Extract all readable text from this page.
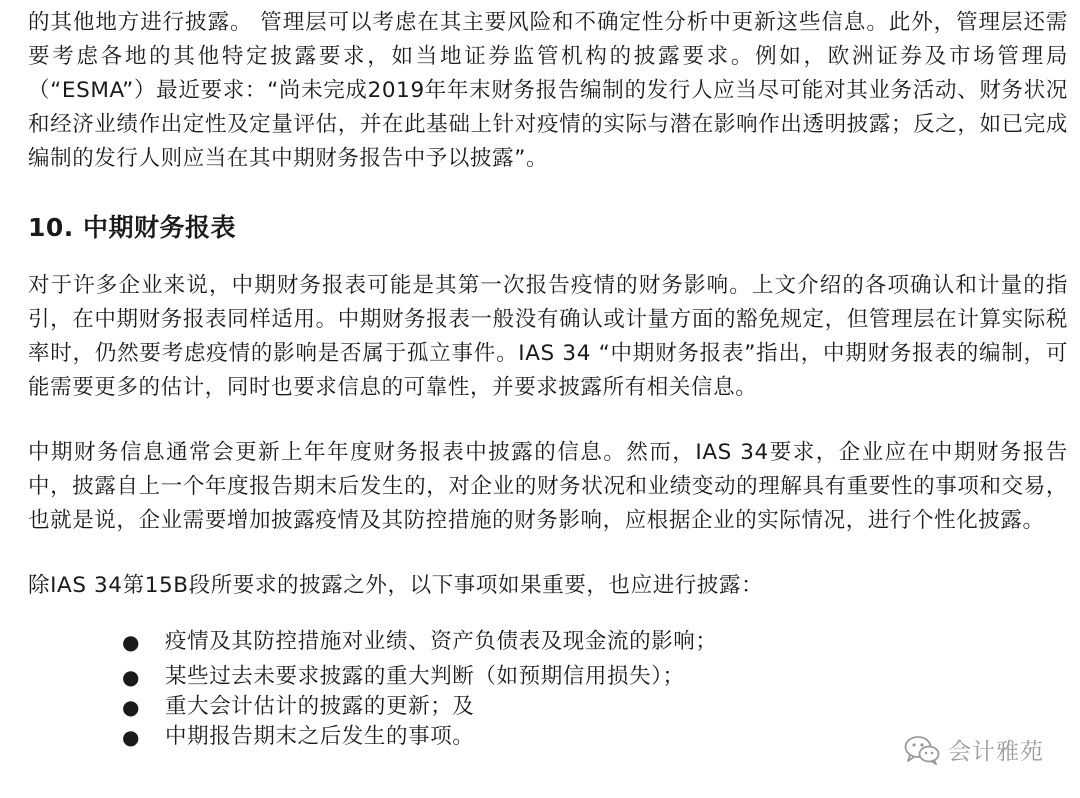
的其他地方进行披露。 管理层可以考虑在其主要风险和不确定性分析中更新这些信息。此外，管理层还需要考虑各地的其他特定披露要求，如当地证券监管机构的披露要求。例如，欧洲证券及市场管理局（“ESMA”）最近要求：“尚未完成2019年年末财务报告编制的发行人应当尽可能对其业务活动、财务状况和经济业绩作出定性及定量评估，并在此基础上针对疫情的实际与潜在影响作出透明披露；反之，如已完成编制的发行人则应当在其中期财务报告中予以披露”。

10. 中期财务报表

对于许多企业来说，中期财务报表可能是其第一次报告疫情的财务影响。上文介绍的各项确认和计量的指引，在中期财务报表同样适用。中期财务报表一般没有确认或计量方面的豁免规定，但管理层在计算实际税率时，仍然要考虑疫情的影响是否属于孤立事件。IAS 34 “中期财务报表”指出，中期财务报表的编制，可能需要更多的估计，同时也要求信息的可靠性，并要求披露所有相关信息。

中期财务信息通常会更新上年年度财务报表中披露的信息。然而，IAS 34要求，企业应在中期财务报告中，披露自上一个年度报告期末后发生的，对企业的财务状况和业绩变动的理解具有重要性的事项和交易，也就是说，企业需要增加披露疫情及其防控措施的财务影响，应根据企业的实际情况，进行个性化披露。

除IAS 34第15B段所要求的披露之外，以下事项如果重要，也应进行披露：

● 疫情及其防控措施对业绩、资产负债表及现金流的影响；
● 某些过去未要求披露的重大判断（如预期信用损失）；
● 重大会计估计的披露的更新；及
● 中期报告期末之后发生的事项。
会计雅苑
